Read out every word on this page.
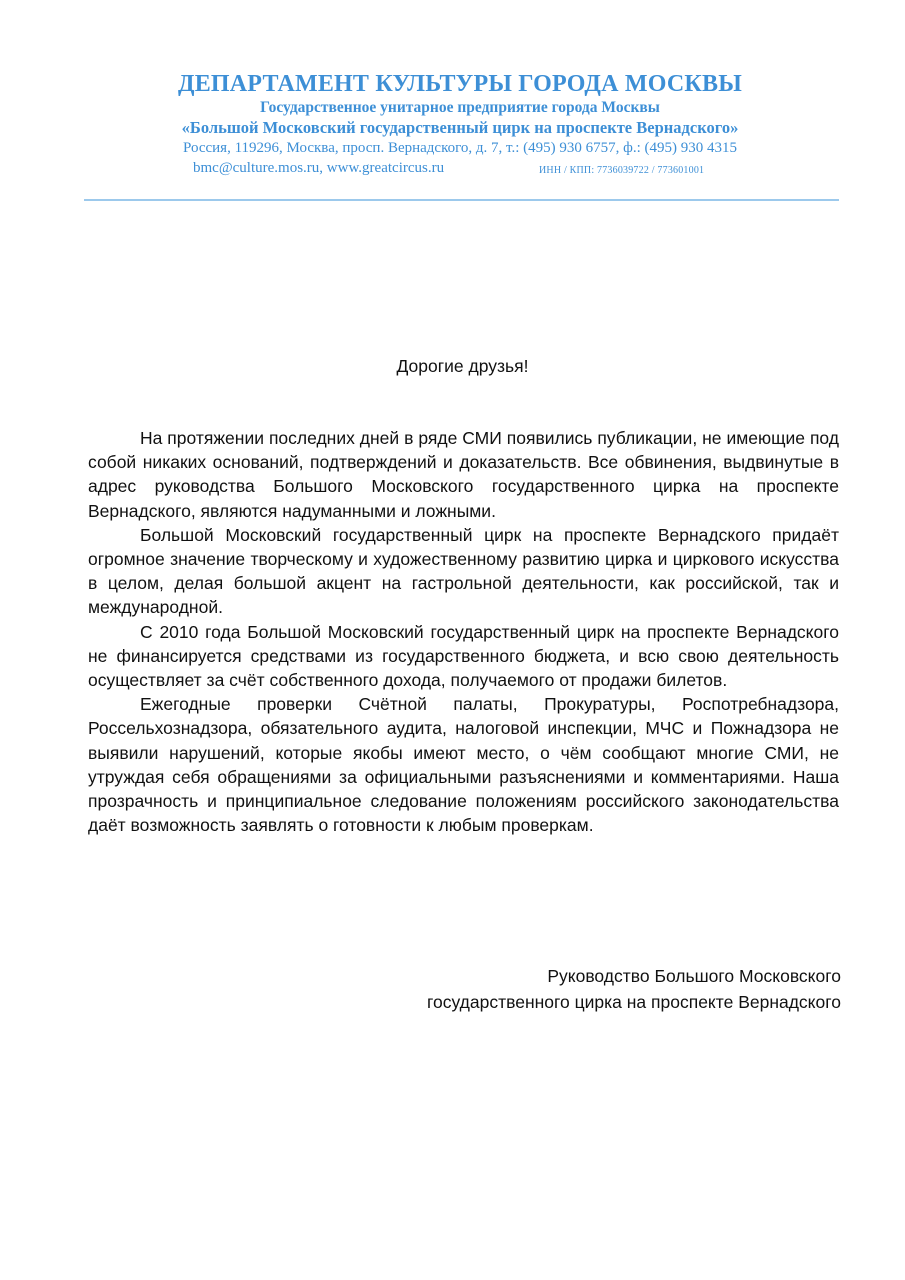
ДЕПАРТАМЕНТ КУЛЬТУРЫ ГОРОДА МОСКВЫ
Государственное унитарное предприятие города Москвы
«Большой Московский государственный цирк на проспекте Вернадского»
Россия, 119296, Москва, просп. Вернадского, д. 7, т.: (495) 930 6757, ф.: (495) 930 4315
bmc@culture.mos.ru, www.greatcircus.ru	ИНН / КПП: 7736039722 / 773601001
Дорогие друзья!

На протяжении последних дней в ряде СМИ появились публикации, не имеющие под собой никаких оснований, подтверждений и доказательств. Все обвинения, выдвинутые в адрес руководства Большого Московского государственного цирка на проспекте Вернадского, являются надуманными и ложными.

Большой Московский государственный цирк на проспекте Вернадского придаёт огромное значение творческому и художественному развитию цирка и циркового искусства в целом, делая большой акцент на гастрольной деятельности, как российской, так и международной.

С 2010 года Большой Московский государственный цирк на проспекте Вернадского не финансируется средствами из государственного бюджета, и всю свою деятельность осуществляет за счёт собственного дохода, получаемого от продажи билетов.

Ежегодные проверки Счётной палаты, Прокуратуры, Роспотребнадзора, Россельхознадзора, обязательного аудита, налоговой инспекции, МЧС и Пожнадзора не выявили нарушений, которые якобы имеют место, о чём сообщают многие СМИ, не утруждая себя обращениями за официальными разъяснениями и комментариями. Наша прозрачность и принципиальное следование положениям российского законодательства даёт возможность заявлять о готовности к любым проверкам.

Руководство Большого Московского
государственного цирка на проспекте Вернадского
